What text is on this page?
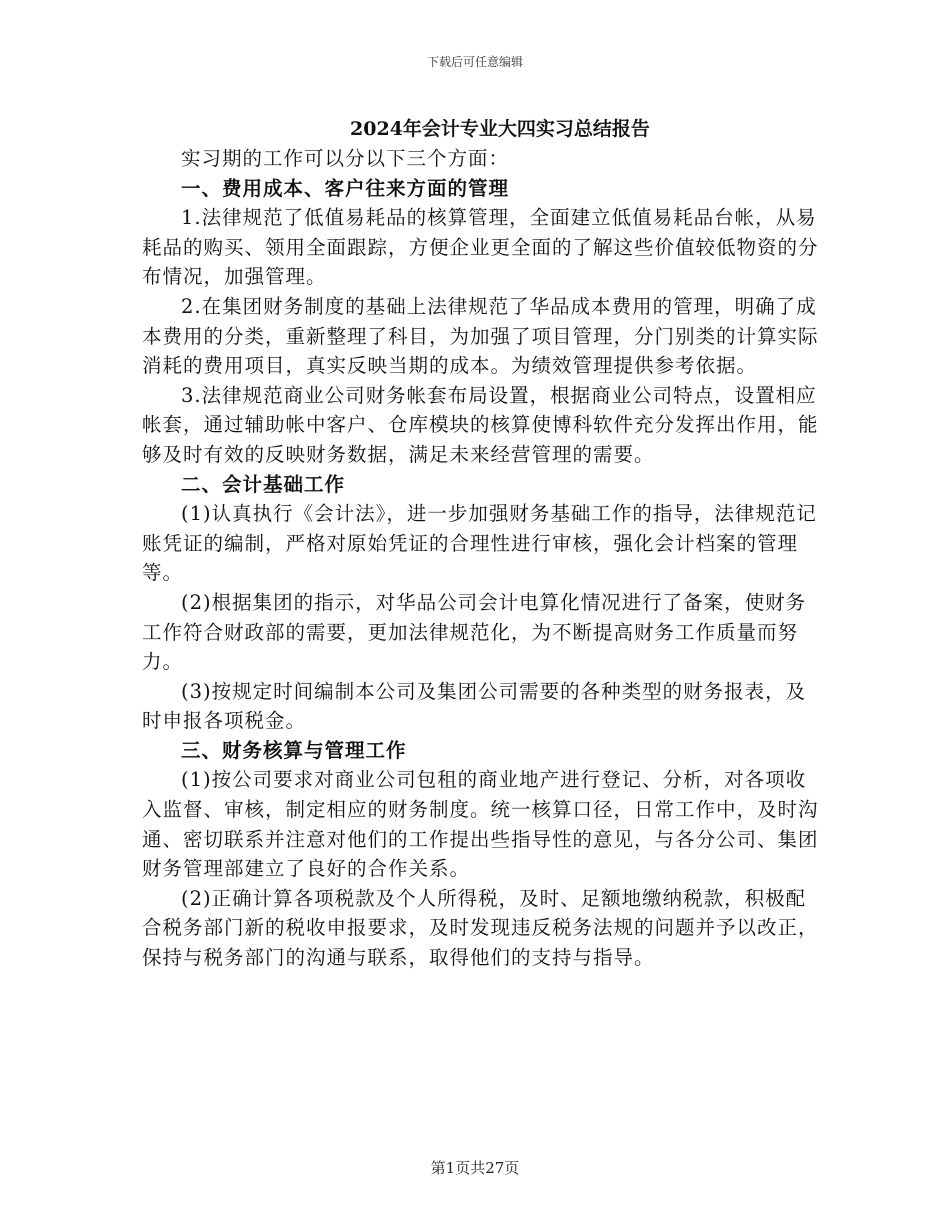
下载后可任意编辑
2024年会计专业大四实习总结报告

实习期的工作可以分以下三个方面：

一、费用成本、客户往来方面的管理

1.法律规范了低值易耗品的核算管理，全面建立低值易耗品台帐，从易耗品的购买、领用全面跟踪，方便企业更全面的了解这些价值较低物资的分布情况，加强管理。

2.在集团财务制度的基础上法律规范了华品成本费用的管理，明确了成本费用的分类，重新整理了科目，为加强了项目管理，分门别类的计算实际消耗的费用项目，真实反映当期的成本。为绩效管理提供参考依据。

3.法律规范商业公司财务帐套布局设置，根据商业公司特点，设置相应帐套，通过辅助帐中客户、仓库模块的核算使博科软件充分发挥出作用，能够及时有效的反映财务数据，满足未来经营管理的需要。

二、会计基础工作

(1)认真执行《会计法》，进一步加强财务基础工作的指导，法律规范记账凭证的编制，严格对原始凭证的合理性进行审核，强化会计档案的管理等。

(2)根据集团的指示，对华品公司会计电算化情况进行了备案，使财务工作符合财政部的需要，更加法律规范化，为不断提高财务工作质量而努力。

(3)按规定时间编制本公司及集团公司需要的各种类型的财务报表，及时申报各项税金。

三、财务核算与管理工作

(1)按公司要求对商业公司包租的商业地产进行登记、分析，对各项收入监督、审核，制定相应的财务制度。统一核算口径，日常工作中，及时沟通、密切联系并注意对他们的工作提出些指导性的意见，与各分公司、集团财务管理部建立了良好的合作关系。

(2)正确计算各项税款及个人所得税，及时、足额地缴纳税款，积极配合税务部门新的税收申报要求，及时发现违反税务法规的问题并予以改正，保持与税务部门的沟通与联系，取得他们的支持与指导。

第1页共27页
